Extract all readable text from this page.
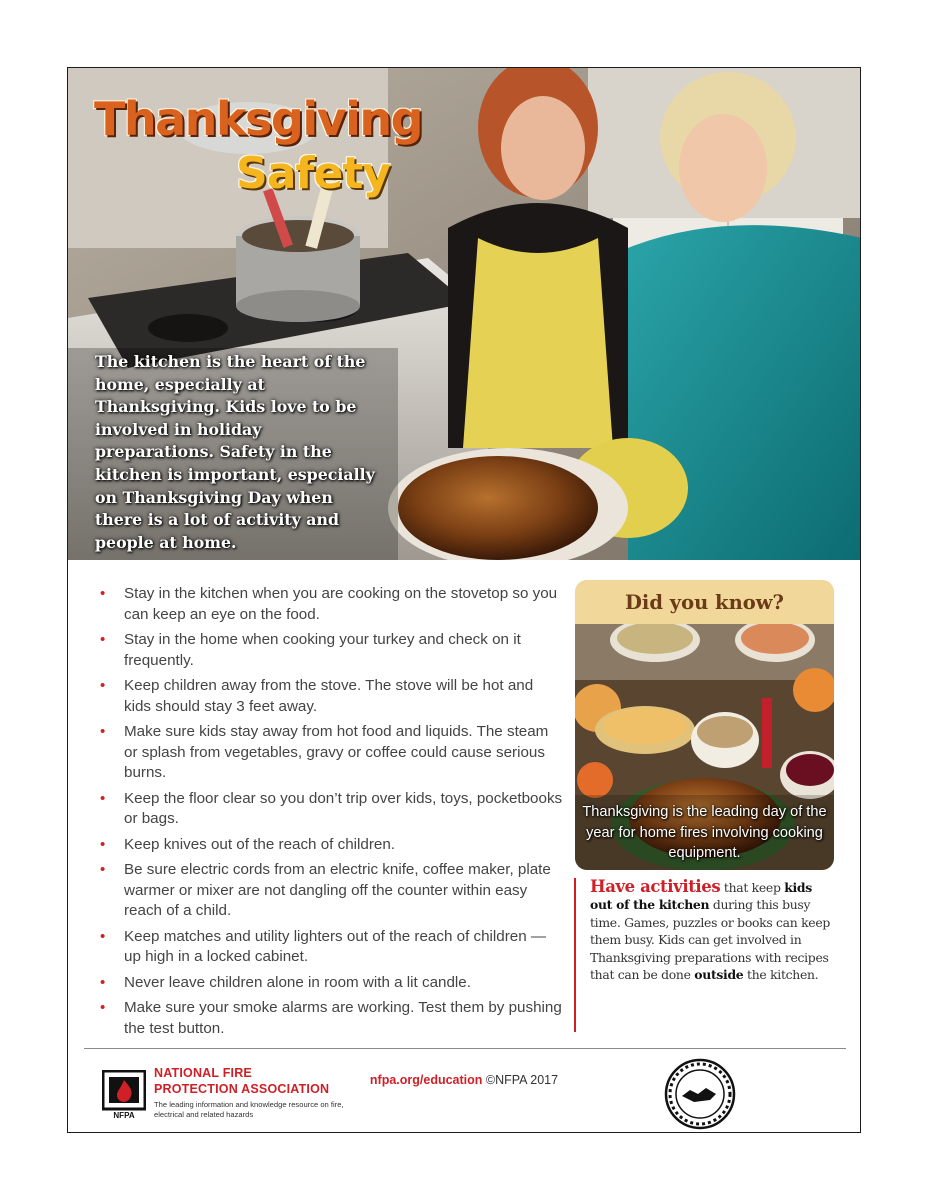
Thanksgiving
Safety

The kitchen is the heart of the home, especially at Thanksgiving. Kids love to be involved in holiday preparations. Safety in the kitchen is important, especially on Thanksgiving Day when there is a lot of activity and people at home.

• Stay in the kitchen when you are cooking on the stovetop so you can keep an eye on the food.
• Stay in the home when cooking your turkey and check on it frequently.
• Keep children away from the stove. The stove will be hot and kids should stay 3 feet away.
• Make sure kids stay away from hot food and liquids. The steam or splash from vegetables, gravy or coffee could cause serious burns.
• Keep the floor clear so you don’t trip over kids, toys, pocketbooks or bags.
• Keep knives out of the reach of children.
• Be sure electric cords from an electric knife, coffee maker, plate warmer or mixer are not dangling off the counter within easy reach of a child.
• Keep matches and utility lighters out of the reach of children — up high in a locked cabinet.
• Never leave children alone in room with a lit candle.
• Make sure your smoke alarms are working. Test them by pushing the test button.
Did you know?

Thanksgiving is the leading day of the year for home fires involving cooking equipment.

Have activities that keep kids out of the kitchen during this busy time. Games, puzzles or books can keep them busy. Kids can get involved in Thanksgiving preparations with recipes that can be done outside the kitchen.

NFPA
NATIONAL FIRE
PROTECTION ASSOCIATION

The leading information and knowledge resource on fire, electrical and related hazards

nfpa.org/education ©NFPA 2017
